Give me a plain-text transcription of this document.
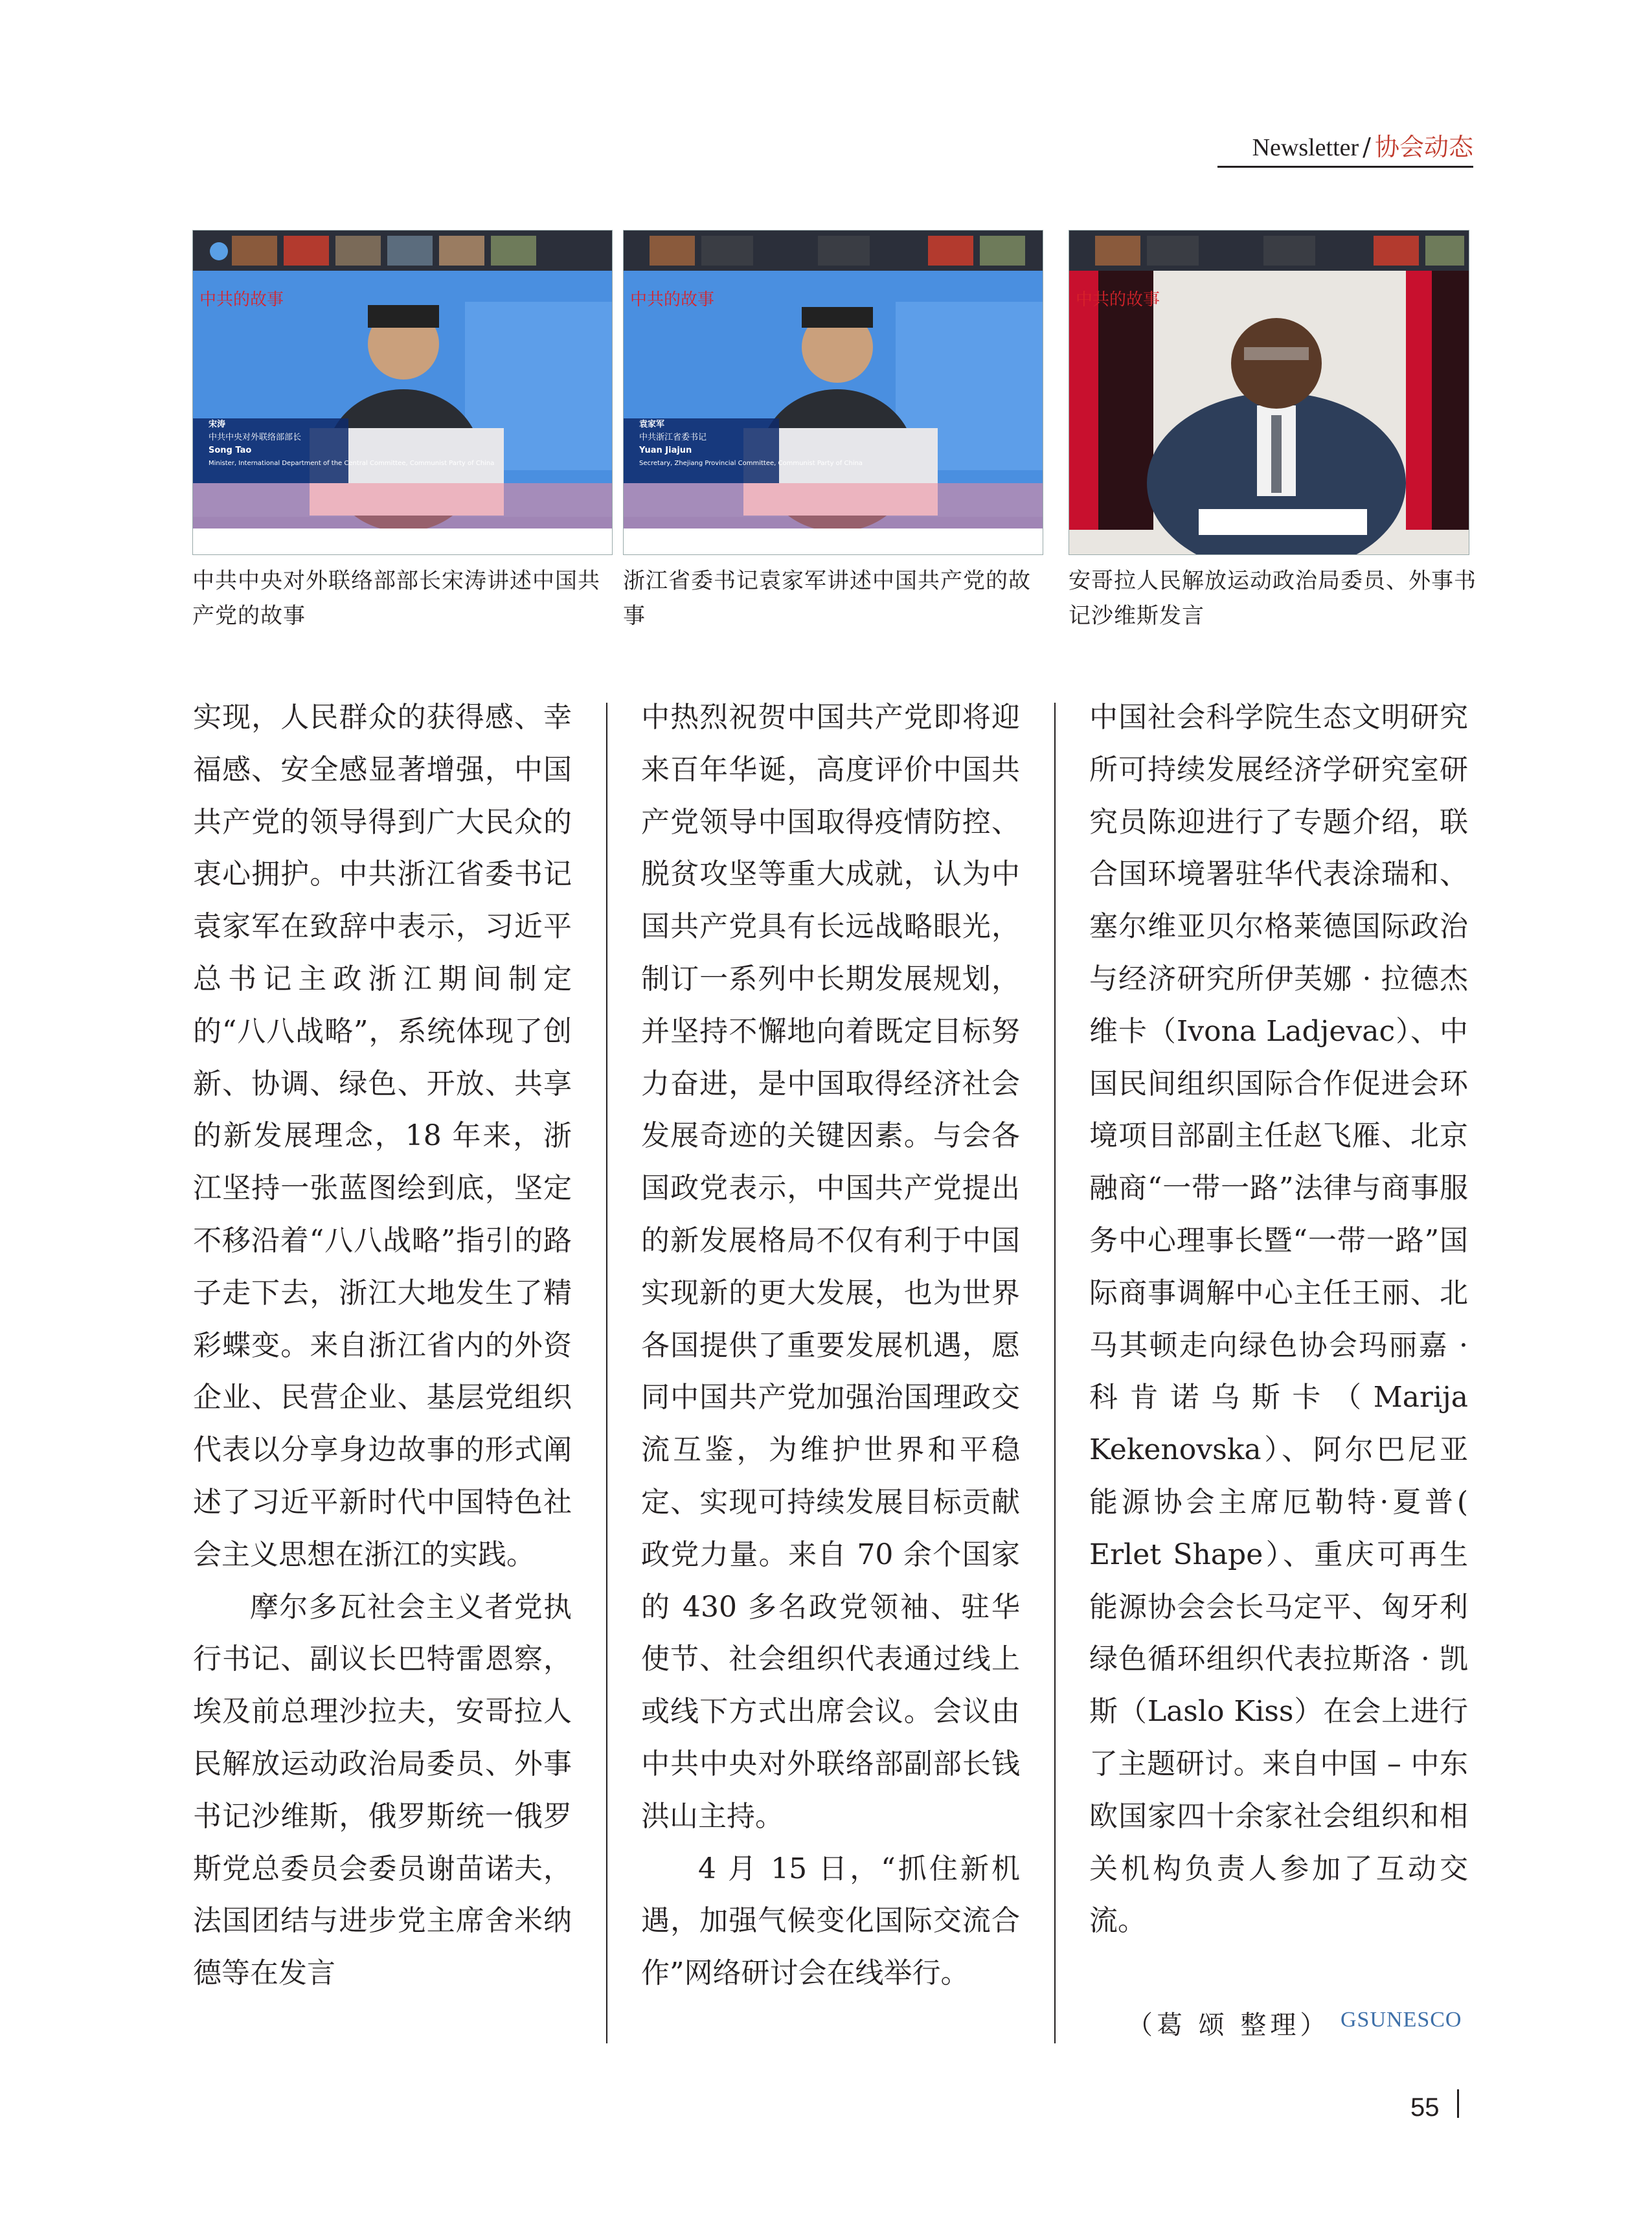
Newsletter / 协会动态
中共的故事
宋涛
中共中央对外联络部部长
Song Tao
Minister, International Department of the Central Committee, Communist Party of China
中共中央对外联络部部长宋涛讲述中国共产党的故事
中共的故事
袁家军
中共浙江省委书记
Yuan Jiajun
Secretary, Zhejiang Provincial Committee, Communist Party of China
浙江省委书记袁家军讲述中国共产党的故事
中共的故事
安哥拉人民解放运动政治局委员、外事书记沙维斯发言

实现，人民群众的获得感、幸福感、安全感显著增强，中国共产党的领导得到广大民众的衷心拥护。中共浙江省委书记袁家军在致辞中表示，习近平总书记主政浙江期间制定的“八八战略”，系统体现了创新、协调、绿色、开放、共享的新发展理念，18 年来，浙江坚持一张蓝图绘到底，坚定不移沿着“八八战略”指引的路子走下去，浙江大地发生了精彩蝶变。来自浙江省内的外资企业、民营企业、基层党组织代表以分享身边故事的形式阐述了习近平新时代中国特色社会主义思想在浙江的实践。

摩尔多瓦社会主义者党执行书记、副议长巴特雷恩察，埃及前总理沙拉夫，安哥拉人民解放运动政治局委员、外事书记沙维斯，俄罗斯统一俄罗斯党总委员会委员谢苗诺夫，法国团结与进步党主席舍米纳德等在发言

中热烈祝贺中国共产党即将迎来百年华诞，高度评价中国共产党领导中国取得疫情防控、脱贫攻坚等重大成就，认为中国共产党具有长远战略眼光，制订一系列中长期发展规划，并坚持不懈地向着既定目标努力奋进，是中国取得经济社会发展奇迹的关键因素。与会各国政党表示，中国共产党提出的新发展格局不仅有利于中国实现新的更大发展，也为世界各国提供了重要发展机遇，愿同中国共产党加强治国理政交流互鉴，为维护世界和平稳定、实现可持续发展目标贡献政党力量。来自 70 余个国家的 430 多名政党领袖、驻华使节、社会组织代表通过线上或线下方式出席会议。会议由中共中央对外联络部副部长钱洪山主持。

4 月 15 日，“抓住新机遇，加强气候变化国际交流合作”网络研讨会在线举行。

中国社会科学院生态文明研究所可持续发展经济学研究室研究员陈迎进行了专题介绍，联合国环境署驻华代表涂瑞和、塞尔维亚贝尔格莱德国际政治与经济研究所伊芙娜 · 拉德杰维卡（Ivona Ladjevac）、中国民间组织国际合作促进会环境项目部副主任赵飞雁、北京融商“一带一路”法律与商事服务中心理事长暨“一带一路”国际商事调解中心主任王丽、北马其顿走向绿色协会玛丽嘉 · 科肯诺乌斯卡（Marija Kekenovska）、阿尔巴尼亚能源协会主席厄勒特·夏普( Erlet Shape）、重庆可再生能源协会会长马定平、匈牙利绿色循环组织代表拉斯洛 · 凯斯（Laslo Kiss）在会上进行了主题研讨。来自中国 – 中东欧国家四十余家社会组织和相关机构负责人参加了互动交流。

（葛 颂 整理） GSUNESCO
55
